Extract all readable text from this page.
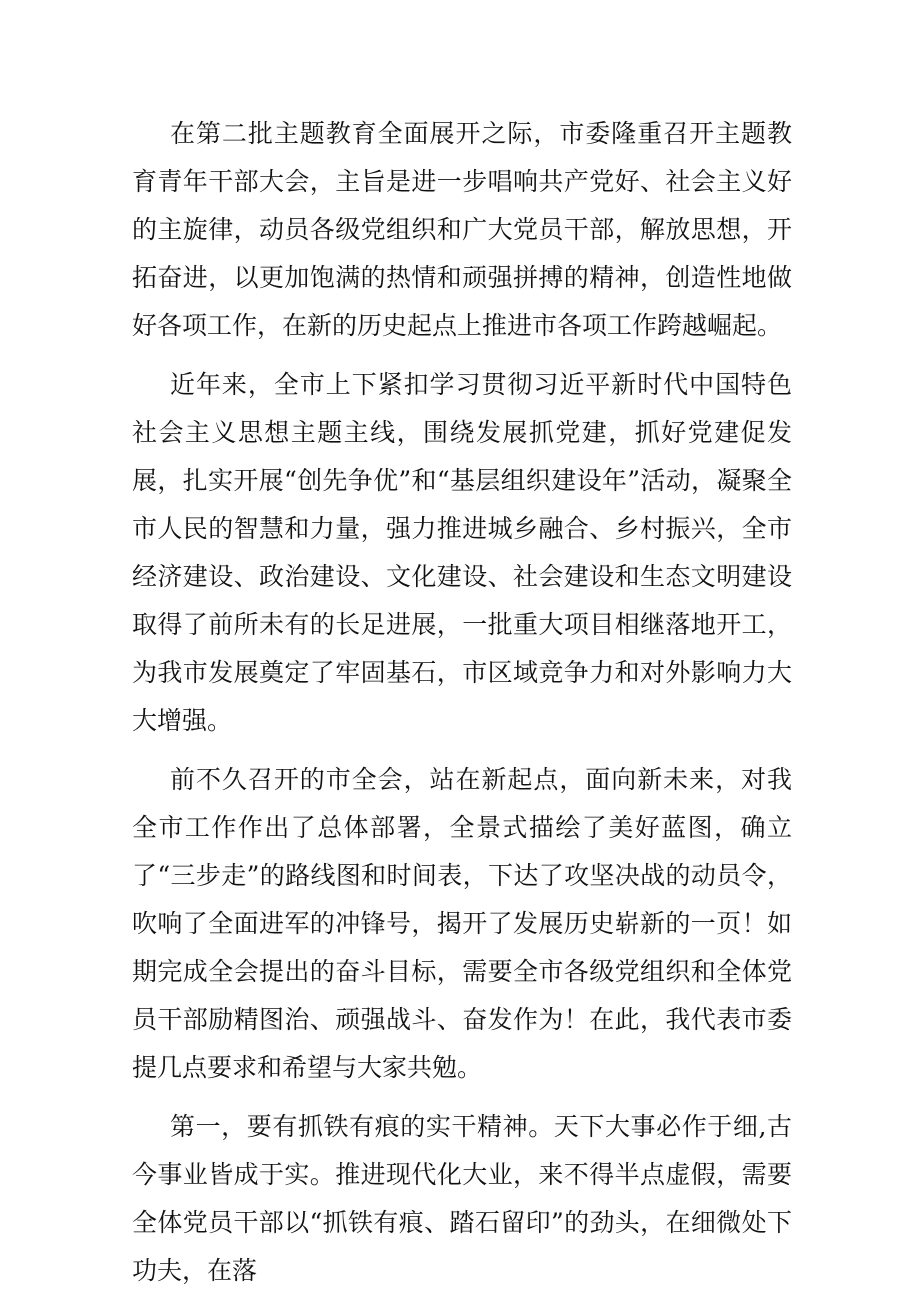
在第二批主题教育全面展开之际，市委隆重召开主题教育青年干部大会，主旨是进一步唱响共产党好、社会主义好的主旋律，动员各级党组织和广大党员干部，解放思想，开拓奋进，以更加饱满的热情和顽强拼搏的精神，创造性地做好各项工作，在新的历史起点上推进市各项工作跨越崛起。

近年来，全市上下紧扣学习贯彻习近平新时代中国特色社会主义思想主题主线，围绕发展抓党建，抓好党建促发展，扎实开展“创先争优”和“基层组织建设年”活动，凝聚全市人民的智慧和力量，强力推进城乡融合、乡村振兴，全市经济建设、政治建设、文化建设、社会建设和生态文明建设取得了前所未有的长足进展，一批重大项目相继落地开工，为我市发展奠定了牢固基石，市区域竞争力和对外影响力大大增强。

前不久召开的市全会，站在新起点，面向新未来，对我全市工作作出了总体部署，全景式描绘了美好蓝图，确立了“三步走”的路线图和时间表，下达了攻坚决战的动员令，吹响了全面进军的冲锋号，揭开了发展历史崭新的一页！如期完成全会提出的奋斗目标，需要全市各级党组织和全体党员干部励精图治、顽强战斗、奋发作为！在此，我代表市委提几点要求和希望与大家共勉。

第一，要有抓铁有痕的实干精神。天下大事必作于细,古今事业皆成于实。推进现代化大业，来不得半点虚假，需要全体党员干部以“抓铁有痕、踏石留印”的劲头，在细微处下功夫，在落
